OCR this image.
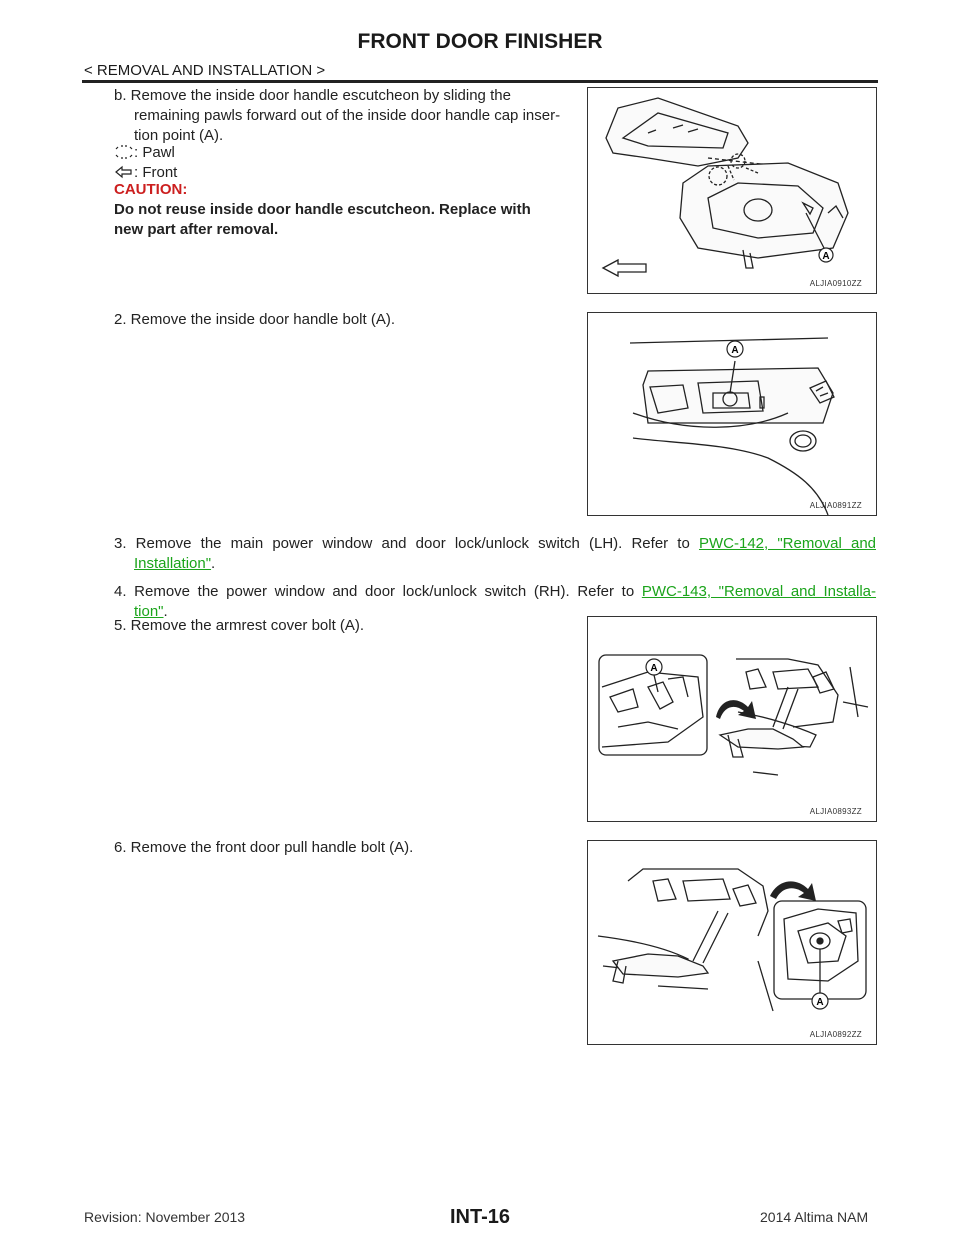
FRONT DOOR FINISHER
< REMOVAL AND INSTALLATION >
b. Remove the inside door handle escutcheon by sliding the
remaining pawls forward out of the inside door handle cap inser-
tion point (A).
: Pawl
: Front
CAUTION:
Do not reuse inside door handle escutcheon. Replace with
new part after removal.
A
ALJIA0910ZZ
2. Remove the inside door handle bolt (A).
A
ALJIA0891ZZ
3. Remove the main power window and door lock/unlock switch (LH). Refer to PWC-142, "Removal and
Installation".
4. Remove the power window and door lock/unlock switch (RH). Refer to PWC-143, "Removal and Installa-
tion".
5. Remove the armrest cover bolt (A).
A
ALJIA0893ZZ
6. Remove the front door pull handle bolt (A).
A
ALJIA0892ZZ
Revision: November 2013	INT-16	2014 Altima NAM
